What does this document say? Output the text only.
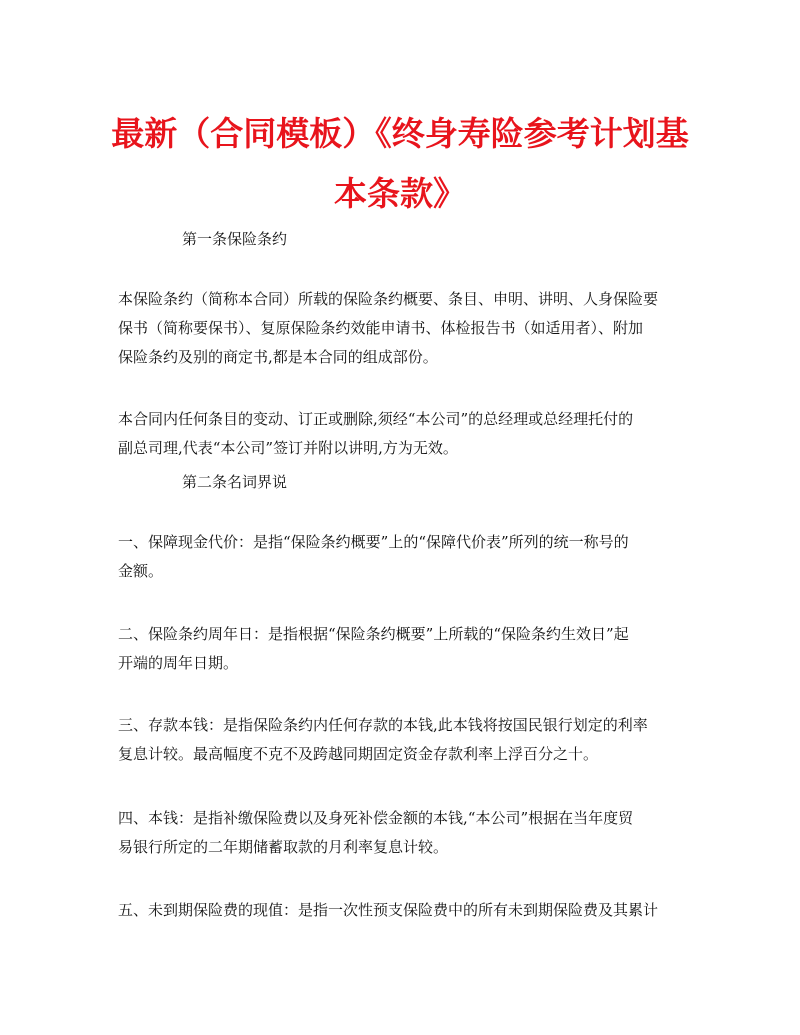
最新（合同模板）《终身寿险参考计划基
本条款》
第一条保险条约
本保险条约（简称本合同）所载的保险条约概要、条目、申明、讲明、人身保险要
保书（简称要保书）、复原保险条约效能申请书、体检报告书（如适用者）、附加
保险条约及别的商定书,都是本合同的组成部份。
本合同内任何条目的变动、订正或删除,须经“本公司”的总经理或总经理托付的
副总司理,代表“本公司”签订并附以讲明,方为无效。
第二条名词界说
一、保障现金代价：是指“保险条约概要”上的“保障代价表”所列的统一称号的
金额。
二、保险条约周年日：是指根据“保险条约概要”上所载的“保险条约生效日”起
开端的周年日期。
三、存款本钱：是指保险条约内任何存款的本钱,此本钱将按国民银行划定的利率
复息计较。最高幅度不克不及跨越同期固定资金存款利率上浮百分之十。
四、本钱：是指补缴保险费以及身死补偿金额的本钱,“本公司”根据在当年度贸
易银行所定的二年期储蓄取款的月利率复息计较。
五、未到期保险费的现值：是指一次性预支保险费中的所有未到期保险费及其累计
